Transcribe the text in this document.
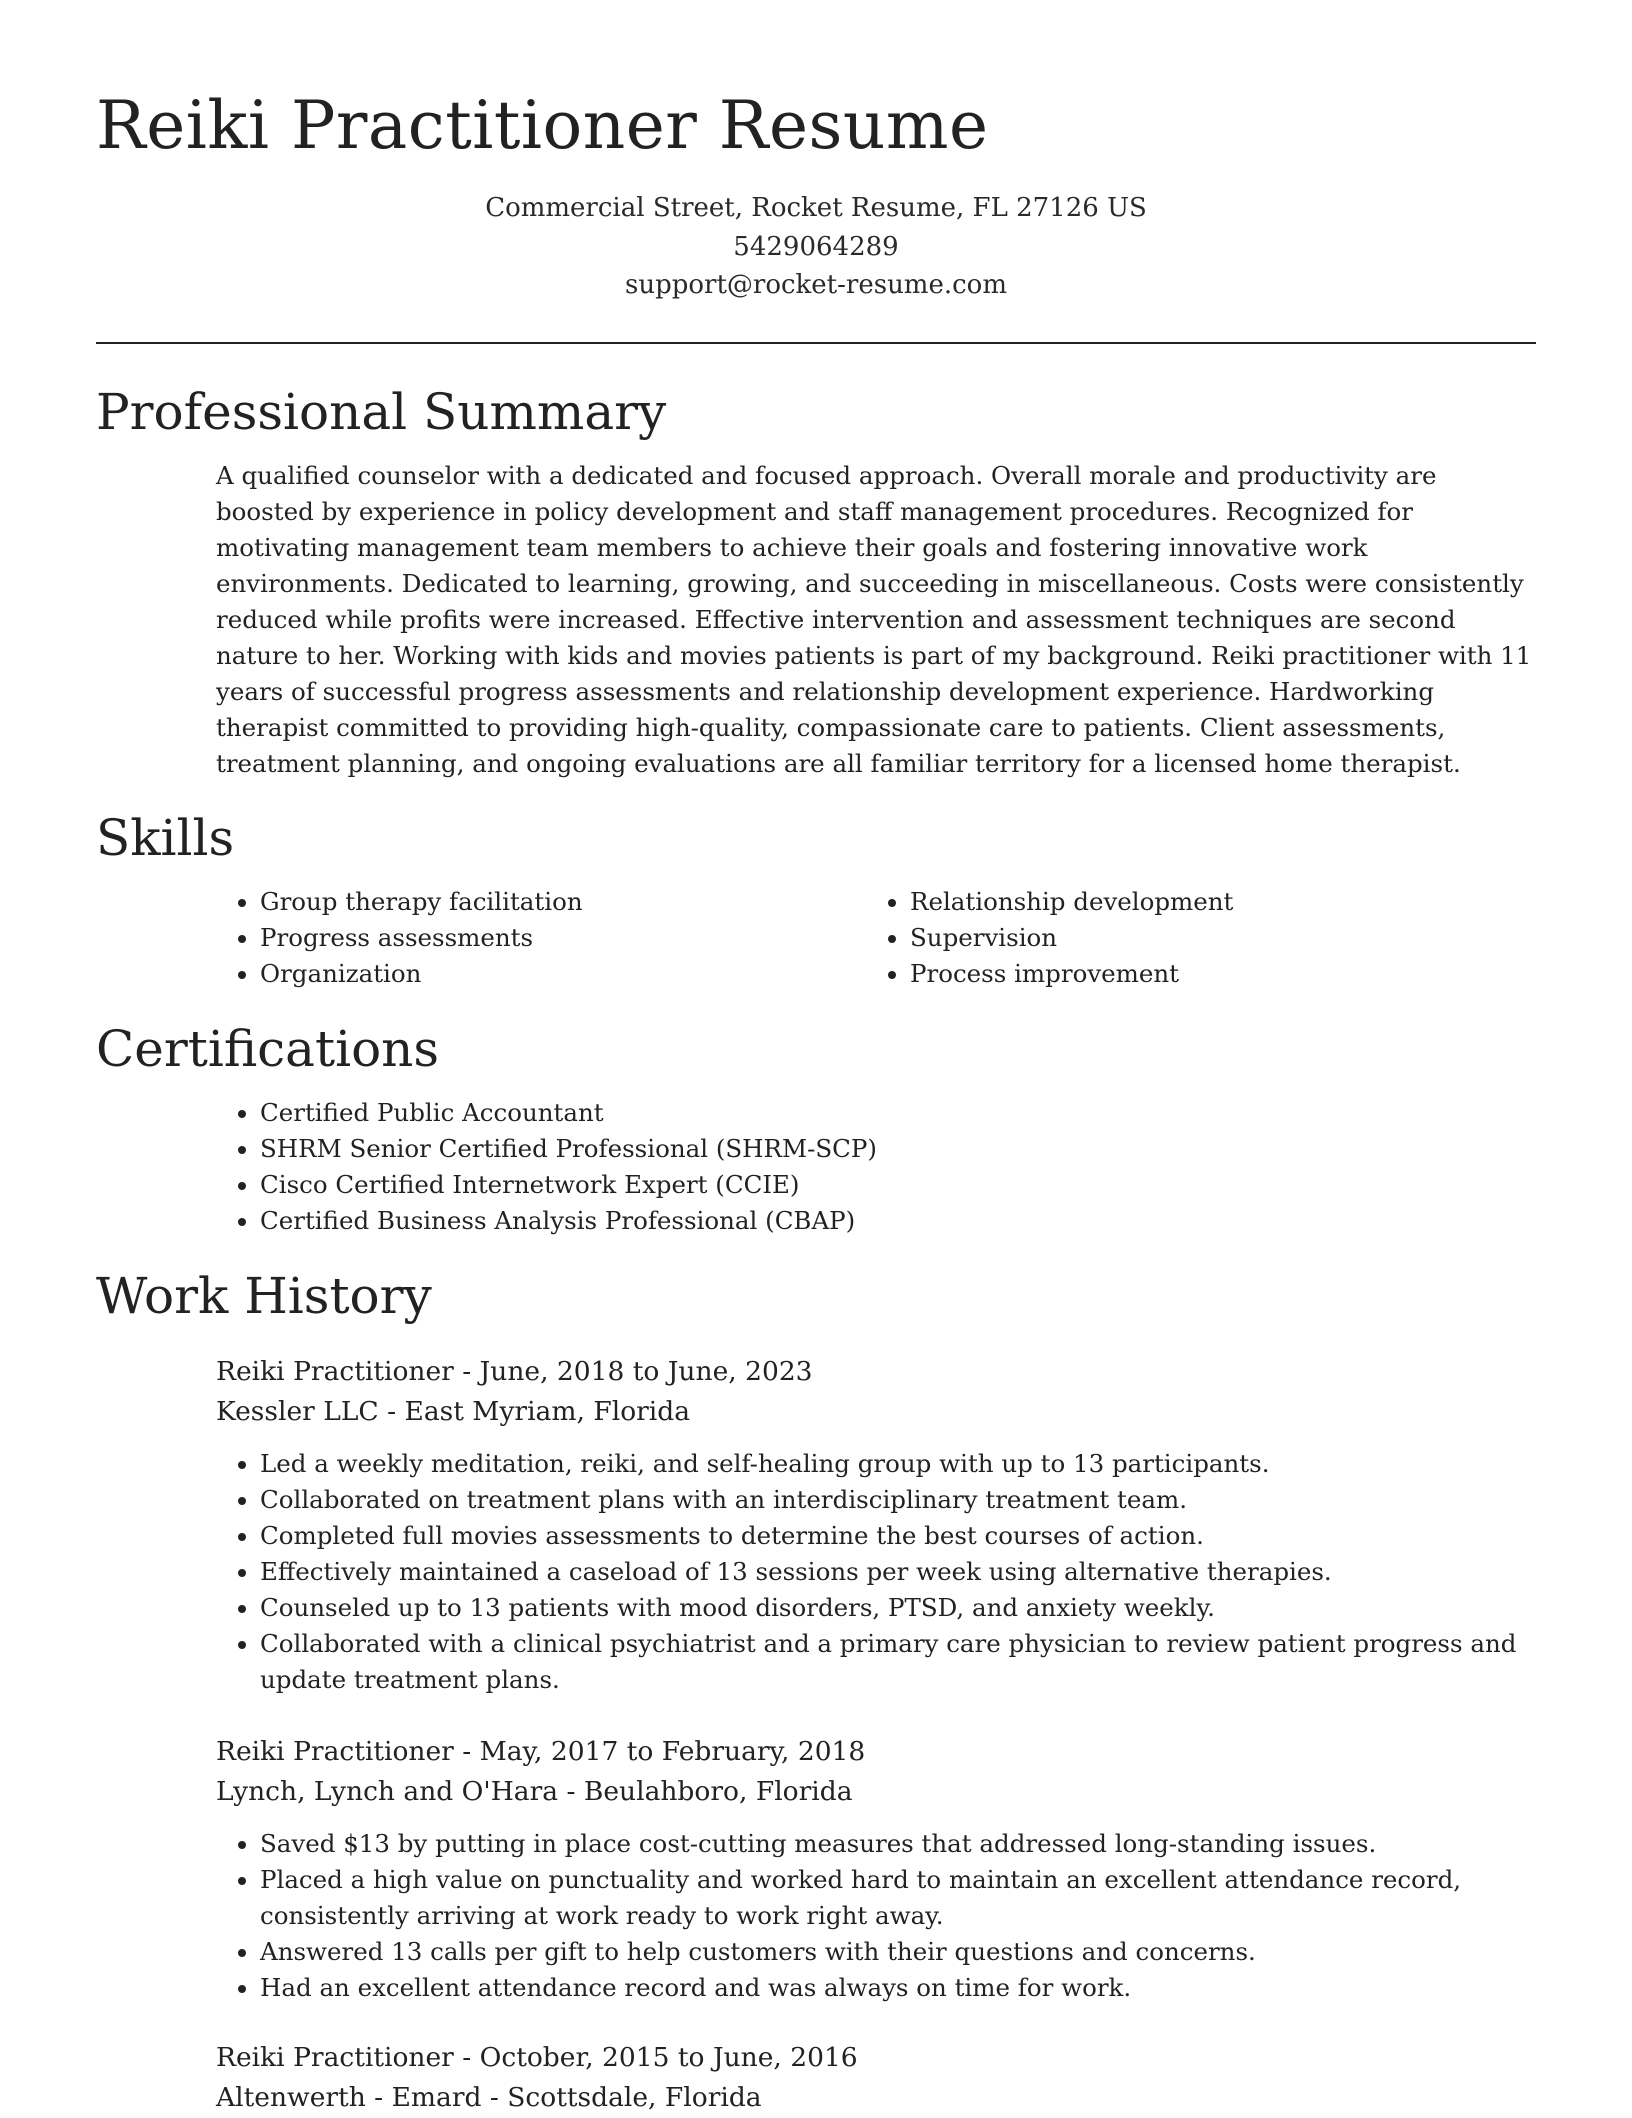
Reiki Practitioner Resume
Commercial Street, Rocket Resume, FL 27126 US
5429064289
support@rocket-resume.com
Professional Summary

A qualified counselor with a dedicated and focused approach. Overall morale and productivity are boosted by experience in policy development and staff management procedures. Recognized for motivating management team members to achieve their goals and fostering innovative work environments. Dedicated to learning, growing, and succeeding in miscellaneous. Costs were consistently reduced while profits were increased. Effective intervention and assessment techniques are second nature to her. Working with kids and movies patients is part of my background. Reiki practitioner with 11 years of successful progress assessments and relationship development experience. Hardworking therapist committed to providing high-quality, compassionate care to patients. Client assessments, treatment planning, and ongoing evaluations are all familiar territory for a licensed home therapist.

Skills
• Group therapy facilitation
• Progress assessments
• Organization
• Relationship development
• Supervision
• Process improvement
Certifications
• Certified Public Accountant
• SHRM Senior Certified Professional (SHRM-SCP)
• Cisco Certified Internetwork Expert (CCIE)
• Certified Business Analysis Professional (CBAP)
Work History
Reiki Practitioner - June, 2018 to June, 2023
Kessler LLC - East Myriam, Florida
• Led a weekly meditation, reiki, and self-healing group with up to 13 participants.
• Collaborated on treatment plans with an interdisciplinary treatment team.
• Completed full movies assessments to determine the best courses of action.
• Effectively maintained a caseload of 13 sessions per week using alternative therapies.
• Counseled up to 13 patients with mood disorders, PTSD, and anxiety weekly.
• Collaborated with a clinical psychiatrist and a primary care physician to review patient progress and update treatment plans.
Reiki Practitioner - May, 2017 to February, 2018
Lynch, Lynch and O'Hara - Beulahboro, Florida
• Saved $13 by putting in place cost-cutting measures that addressed long-standing issues.
• Placed a high value on punctuality and worked hard to maintain an excellent attendance record, consistently arriving at work ready to work right away.
• Answered 13 calls per gift to help customers with their questions and concerns.
• Had an excellent attendance record and was always on time for work.
Reiki Practitioner - October, 2015 to June, 2016
Altenwerth - Emard - Scottsdale, Florida
